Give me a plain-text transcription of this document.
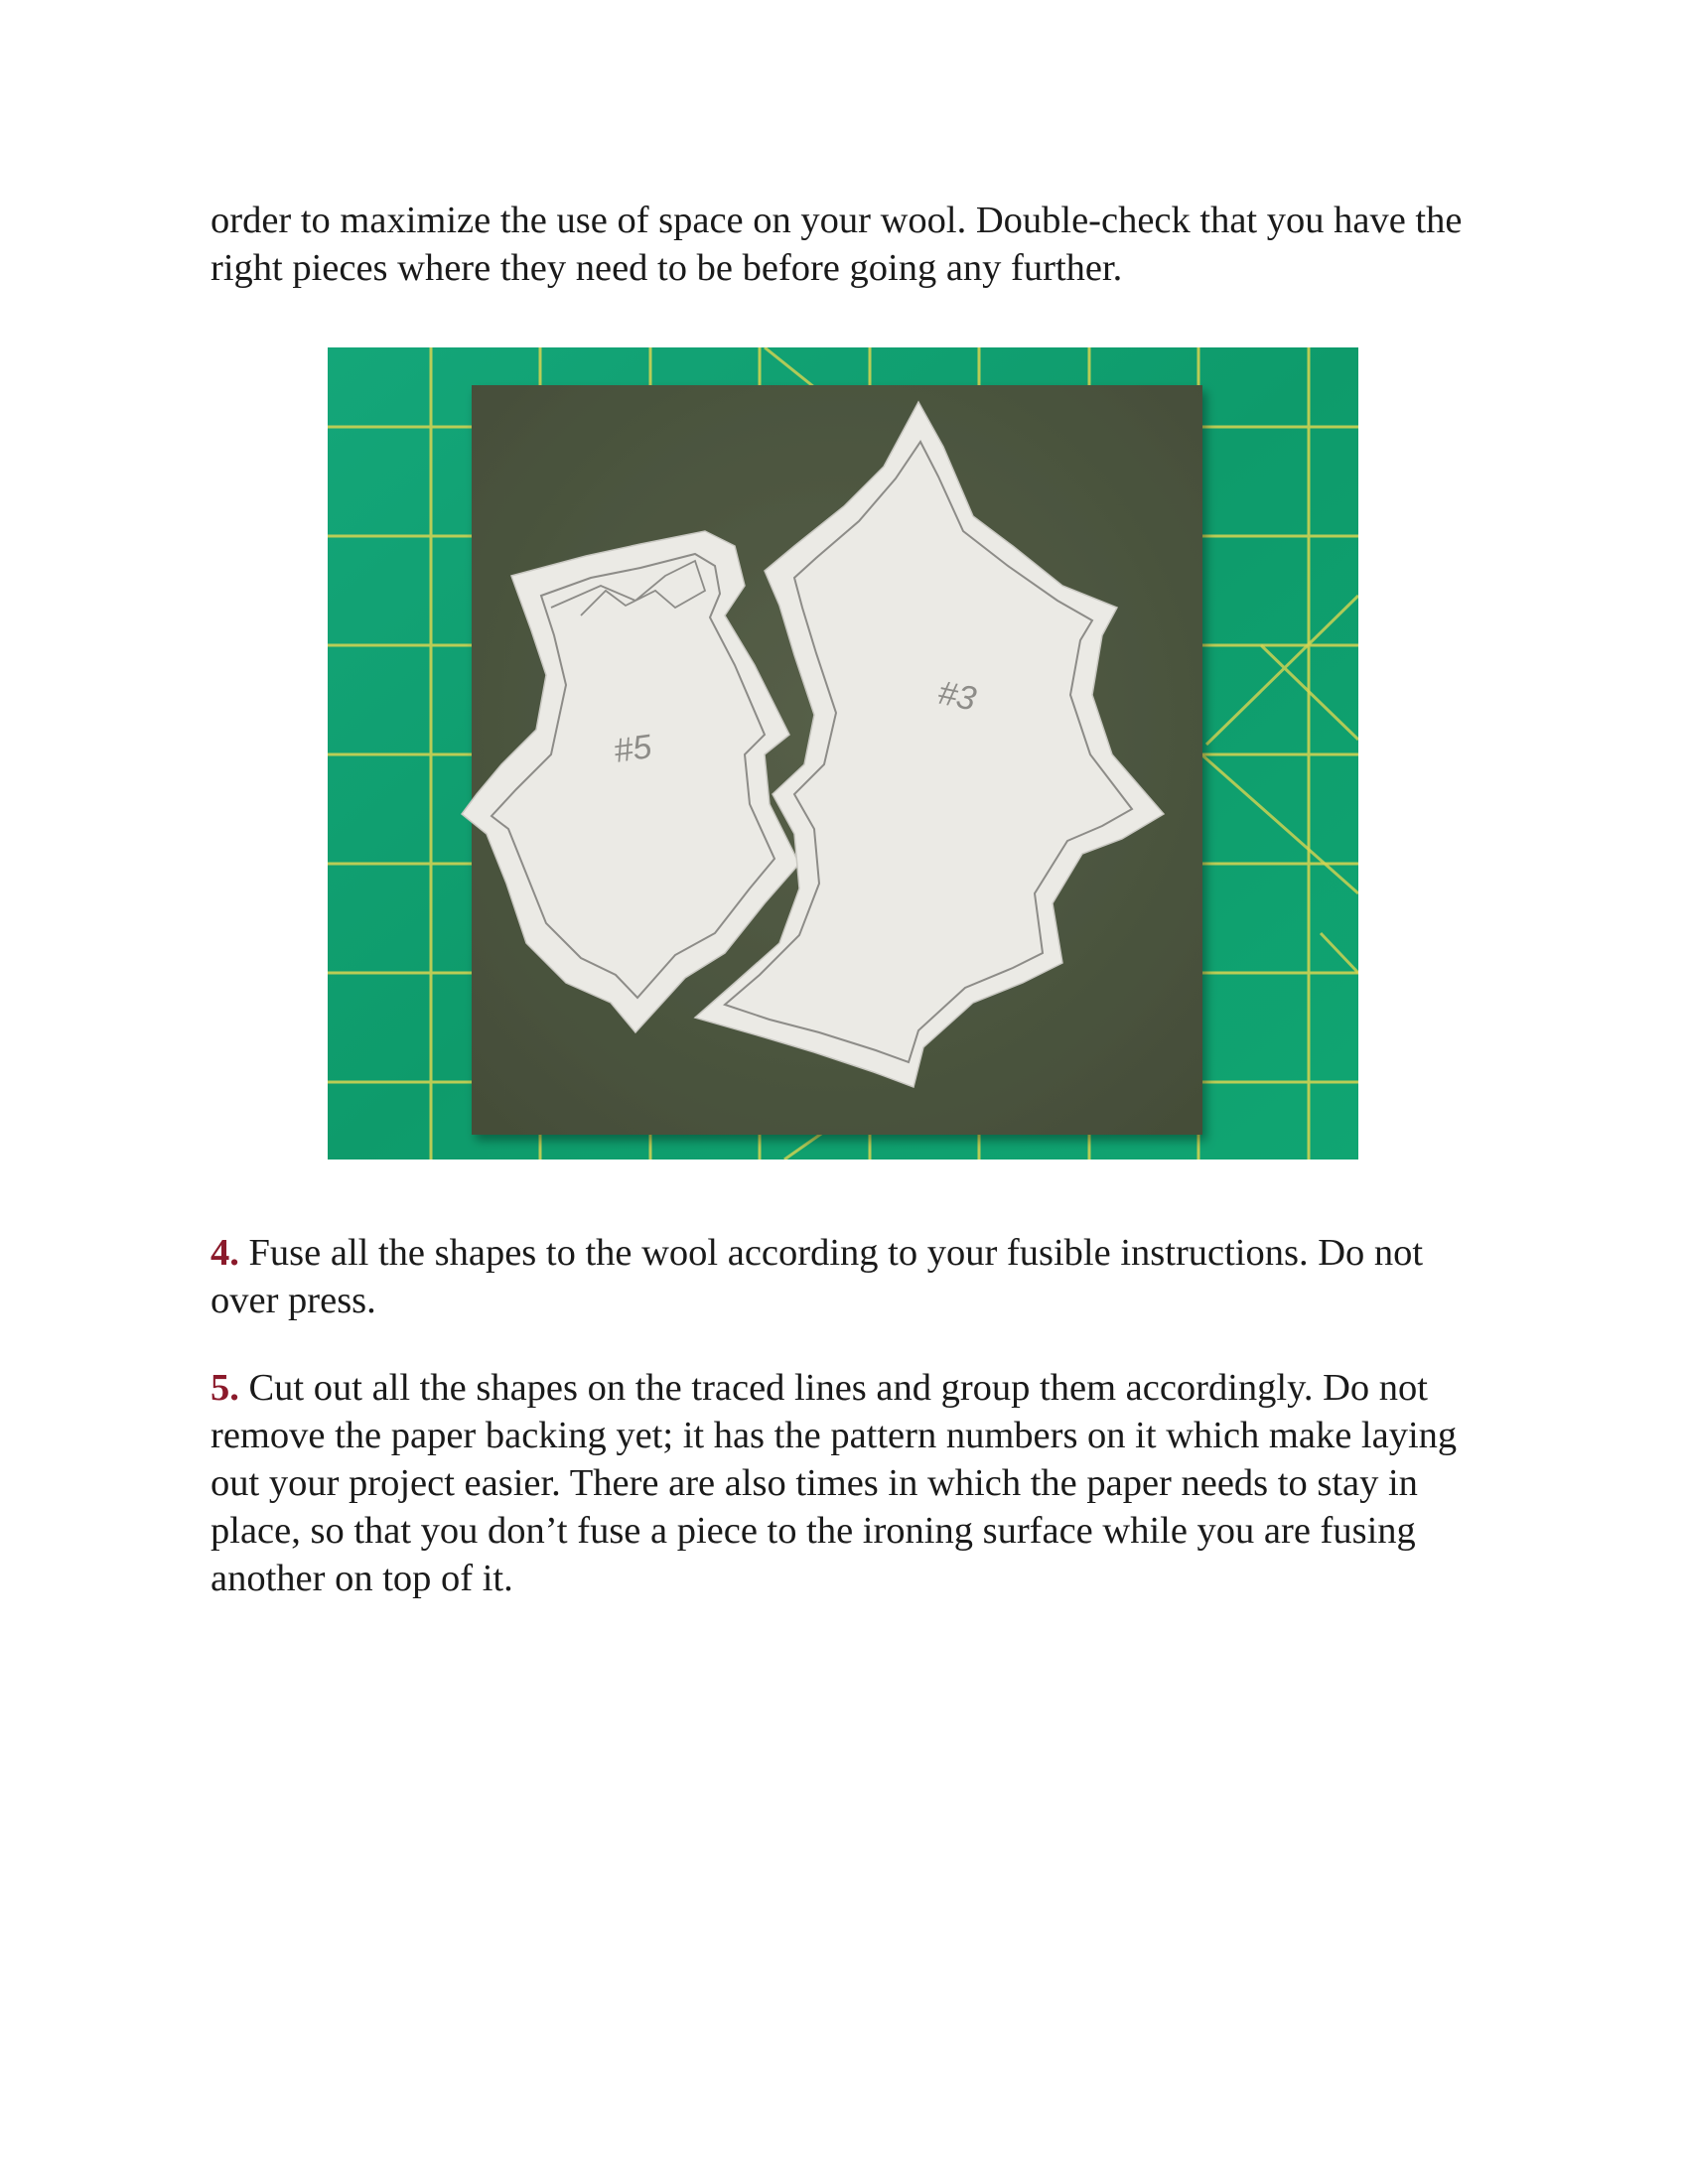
order to maximize the use of space on your wool. Double-check that you have the right pieces where they need to be before going any further.

#5
#3

4. Fuse all the shapes to the wool according to your fusible instructions. Do not over press.

5. Cut out all the shapes on the traced lines and group them accordingly. Do not remove the paper backing yet; it has the pattern numbers on it which make laying out your project easier. There are also times in which the paper needs to stay in place, so that you don’t fuse a piece to the ironing surface while you are fusing another on top of it.
